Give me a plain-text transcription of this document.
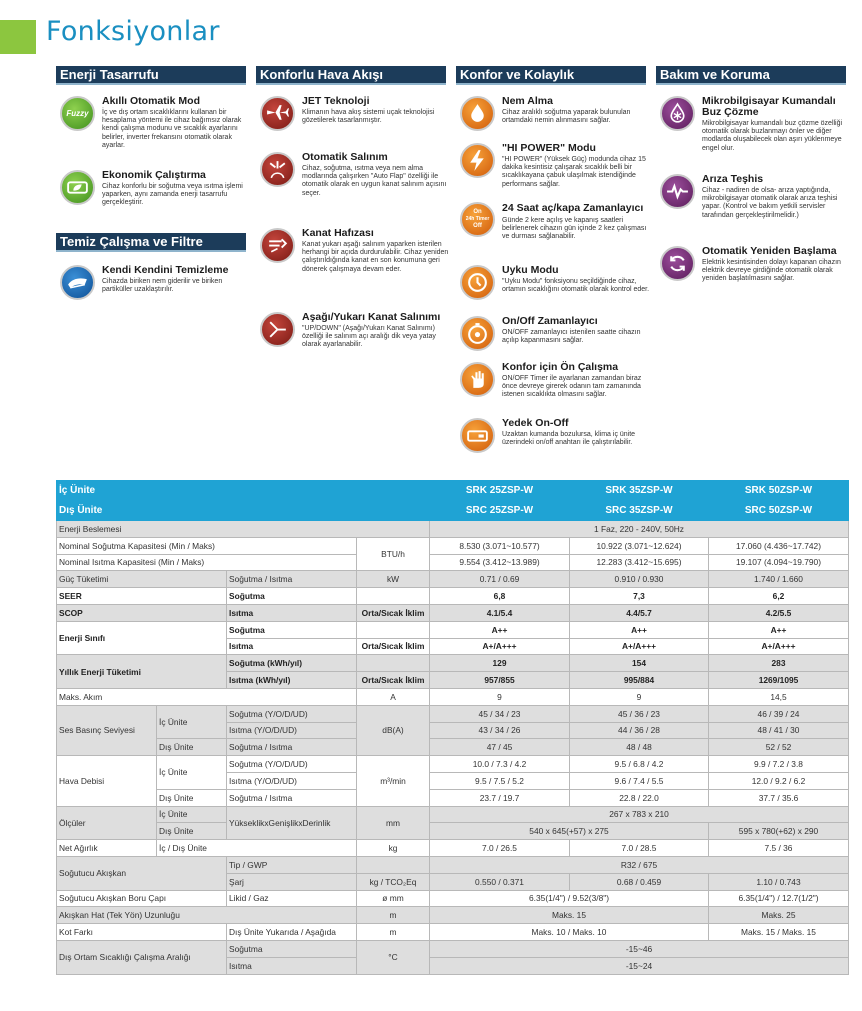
Fonksiyonlar
Enerji Tasarrufu
Fuzzy
Akıllı Otomatik Mod
İç ve dış ortam sıcaklıklarını kullanan bir hesaplama yöntemi ile cihaz bağımsız olarak kendi çalışma modunu ve sıcaklık ayarlarını belirler, inverter frekansını otomatik olarak ayarlar.
Ekonomik Çalıştırma
Cihaz konforlu bir soğutma veya ısıtma işlemi yaparken, aynı zamanda enerji tasarrufu gerçekleştirir.
Temiz Çalışma ve Filtre
Kendi Kendini Temizleme
Cihazda biriken nem giderilir ve biriken partiküller uzaklaştırılır.
Konforlu Hava Akışı
JET Teknoloji
Klimanın hava akış sistemi uçak teknolojisi gözetilerek tasarlanmıştır.
Otomatik Salınım
Cihaz, soğutma, ısıtma veya nem alma modlarında çalışırken "Auto Flap" özelliği ile otomatik olarak en uygun kanat salınım açısını seçer.
Kanat Hafızası
Kanat yukarı aşağı salınım yaparken isterilen herhangi bir açıda durdurulabilir. Cihaz yeniden çalıştırıldığında kanat en son konumuna geri dönerek çalışmaya devam eder.
Aşağı/Yukarı Kanat Salınımı
"UP/DOWN" (Aşağı/Yukarı Kanat Salınımı) özelliği ile salınım açı aralığı dik veya yatay olarak ayarlanabilir.
Konfor ve Kolaylık
Nem Alma
Cihaz aralıklı soğutma yaparak bulunulan ortamdaki nemin alınmasını sağlar.
"HI POWER" Modu
"HI POWER" (Yüksek Güç) modunda cihaz 15 dakika kesintisiz çalışarak sıcaklık belli bir sıcaklıkayana çabuk ulaşılmak istendiğinde performans sağlar.
On
24h Timer
Off
24 Saat aç/kapa Zamanlayıcı
Günde 2 kere açılış ve kapanış saatleri belirlenerek cihazın gün içinde 2 kez çalışması ve durması sağlanabilir.
Uyku Modu
"Uyku Modu" fonksiyonu seçildiğinde cihaz, ortamın sıcaklığını otomatik olarak kontrol eder.
On/Off Zamanlayıcı
ON/OFF zamanlayıcı istenilen saatte cihazın açılıp kapanmasını sağlar.
Konfor için Ön Çalışma
ON/OFF Timer ile ayarlanan zamandan biraz önce devreye girerek odanın tam zamanında istenen sıcaklıkta olmasını sağlar.
Yedek On-Off
Uzaktan kumanda bozulursa, klima iç ünite üzerindeki on/off anahtarı ile çalıştırılabilir.
Bakım ve Koruma
Mikrobilgisayar Kumandalı Buz Çözme
Mikrobilgisayar kumandalı buz çözme özelliği otomatik olarak buzlanmayı önler ve diğer modlarda oluşabilecek olan aşırı yüklenmeye engel olur.
Arıza Teşhis
Cihaz - nadiren de olsa- arıza yaptığında, mikrobilgisayar otomatik olarak arıza teşhisi yapar. (Kontrol ve bakım yetkili servisler tarafından gerçekleştirilmelidir.)
Otomatik Yeniden Başlama
Elektrik kesintisinden dolayı kapanan cihazın elektrik devreye girdiğinde otomatik olarak yeniden başlatılmasını sağlar.
İç Ünite				SRK 25ZSP-W	SRK 35ZSP-W	SRK 50ZSP-W
Dış Ünite				SRC 25ZSP-W	SRC 35ZSP-W	SRC 50ZSP-W
Enerji Beslemesi				1 Faz, 220 - 240V, 50Hz		
Nominal Soğutma Kapasitesi (Min / Maks)			BTU/h	8.530 (3.071~10.577)	10.922 (3.071~12.624)	17.060 (4.436~17.742)
Nominal Isıtma Kapasitesi (Min / Maks)				9.554 (3.412~13.989)	12.283 (3.412~15.695)	19.107 (4.094~19.790)
Güç Tüketimi		Soğutma / Isıtma	kW	0.71 / 0.69	0.910 / 0.930	1.740 / 1.660
SEER		Soğutma		6,8	7,3	6,2
SCOP		Isıtma	Orta/Sıcak İklim	4.1/5.4	4.4/5.7	4.2/5.5
Enerji Sınıfı		Soğutma		A++	A++	A++
		Isıtma	Orta/Sıcak İklim	A+/A+++	A+/A+++	A+/A+++
Yıllık Enerji Tüketimi		Soğutma (kWh/yıl)		129	154	283
		Isıtma (kWh/yıl)	Orta/Sıcak İklim	957/855	995/884	1269/1095
Maks. Akım			A	9	9	14,5
Ses Basınç Seviyesi	İç Ünite	Soğutma (Y/O/D/UD)	dB(A)	45 / 34 / 23	45 / 36 / 23	46 / 39 / 24
		Isıtma (Y/O/D/UD)		43 / 34 / 26	44 / 36 / 28	48 / 41 / 30
	Dış Ünite	Soğutma / Isıtma		47 / 45	48 / 48	52 / 52
Hava Debisi	İç Ünite	Soğutma (Y/O/D/UD)	m³/min	10.0 / 7.3 / 4.2	9.5 / 6.8 / 4.2	9.9 / 7.2 / 3.8
		Isıtma (Y/O/D/UD)		9.5 / 7.5 / 5.2	9.6 / 7.4 / 5.5	12.0 / 9.2 / 6.2
	Dış Ünite	Soğutma / Isıtma		23.7 / 19.7	22.8 / 22.0	37.7 / 35.6
Ölçüler	İç Ünite	YükseklikxGenişlikxDerinlik	mm	267 x 783 x 210		
	Dış Ünite			540 x 645(+57) x 275		595 x 780(+62) x 290
Net Ağırlık	İç / Dış Ünite		kg	7.0 / 26.5	7.0 / 28.5	7.5 / 36
Soğutucu Akışkan		Tip / GWP		R32 / 675		
		Şarj	kg / TCO₂Eq	0.550 / 0.371	0.68 / 0.459	1.10 / 0.743
Soğutucu Akışkan Boru Çapı		Likid / Gaz	ø mm	6.35(1/4") / 9.52(3/8")		6.35(1/4") / 12.7(1/2")
Akışkan Hat (Tek Yön) Uzunluğu			m	Maks. 15		Maks. 25
Kot Farkı		Dış Ünite Yukarıda / Aşağıda	m	Maks. 10 / Maks. 10		Maks. 15 / Maks. 15
Dış Ortam Sıcaklığı Çalışma Aralığı		Soğutma	°C	-15~46		
		Isıtma		-15~24		
